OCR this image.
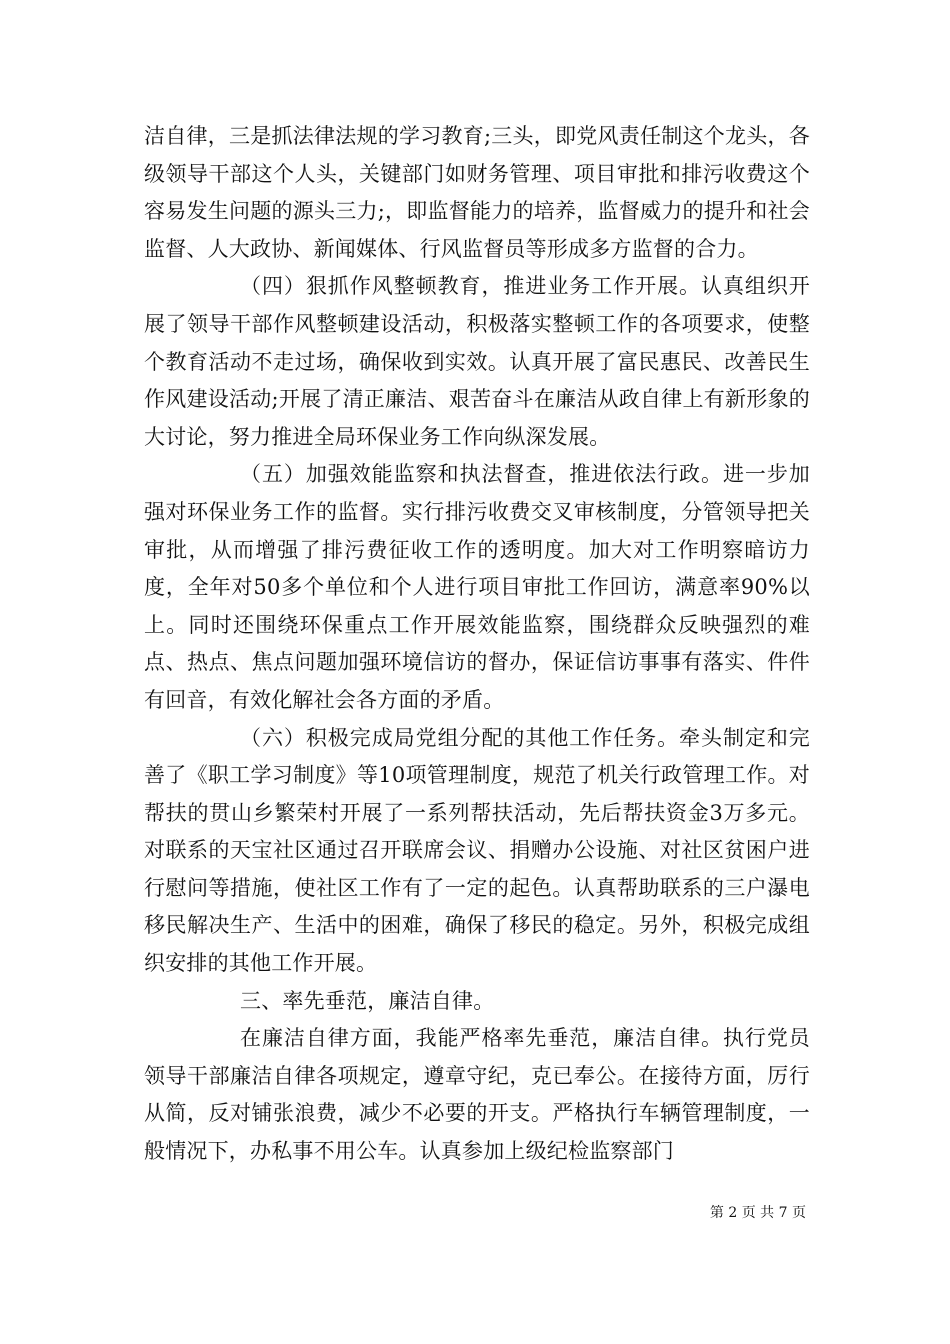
洁自律，三是抓法律法规的学习教育;三头，即党风责任制这个龙头，各级领导干部这个人头，关键部门如财务管理、项目审批和排污收费这个容易发生问题的源头三力;，即监督能力的培养，监督威力的提升和社会监督、人大政协、新闻媒体、行风监督员等形成多方监督的合力。

（四）狠抓作风整顿教育，推进业务工作开展。认真组织开展了领导干部作风整顿建设活动，积极落实整顿工作的各项要求，使整个教育活动不走过场，确保收到实效。认真开展了富民惠民、改善民生作风建设活动;开展了清正廉洁、艰苦奋斗在廉洁从政自律上有新形象的大讨论，努力推进全局环保业务工作向纵深发展。

（五）加强效能监察和执法督查，推进依法行政。进一步加强对环保业务工作的监督。实行排污收费交叉审核制度，分管领导把关审批，从而增强了排污费征收工作的透明度。加大对工作明察暗访力度，全年对50多个单位和个人进行项目审批工作回访，满意率90%以上。同时还围绕环保重点工作开展效能监察，围绕群众反映强烈的难点、热点、焦点问题加强环境信访的督办，保证信访事事有落实、件件有回音，有效化解社会各方面的矛盾。

（六）积极完成局党组分配的其他工作任务。牵头制定和完善了《职工学习制度》等10项管理制度，规范了机关行政管理工作。对帮扶的贯山乡繁荣村开展了一系列帮扶活动，先后帮扶资金3万多元。对联系的天宝社区通过召开联席会议、捐赠办公设施、对社区贫困户进行慰问等措施，使社区工作有了一定的起色。认真帮助联系的三户瀑电移民解决生产、生活中的困难，确保了移民的稳定。另外，积极完成组织安排的其他工作开展。

三、率先垂范，廉洁自律。

在廉洁自律方面，我能严格率先垂范，廉洁自律。执行党员领导干部廉洁自律各项规定，遵章守纪，克已奉公。在接待方面，厉行从简，反对铺张浪费，减少不必要的开支。严格执行车辆管理制度，一般情况下，办私事不用公车。认真参加上级纪检监察部门

第 2 页 共 7 页
